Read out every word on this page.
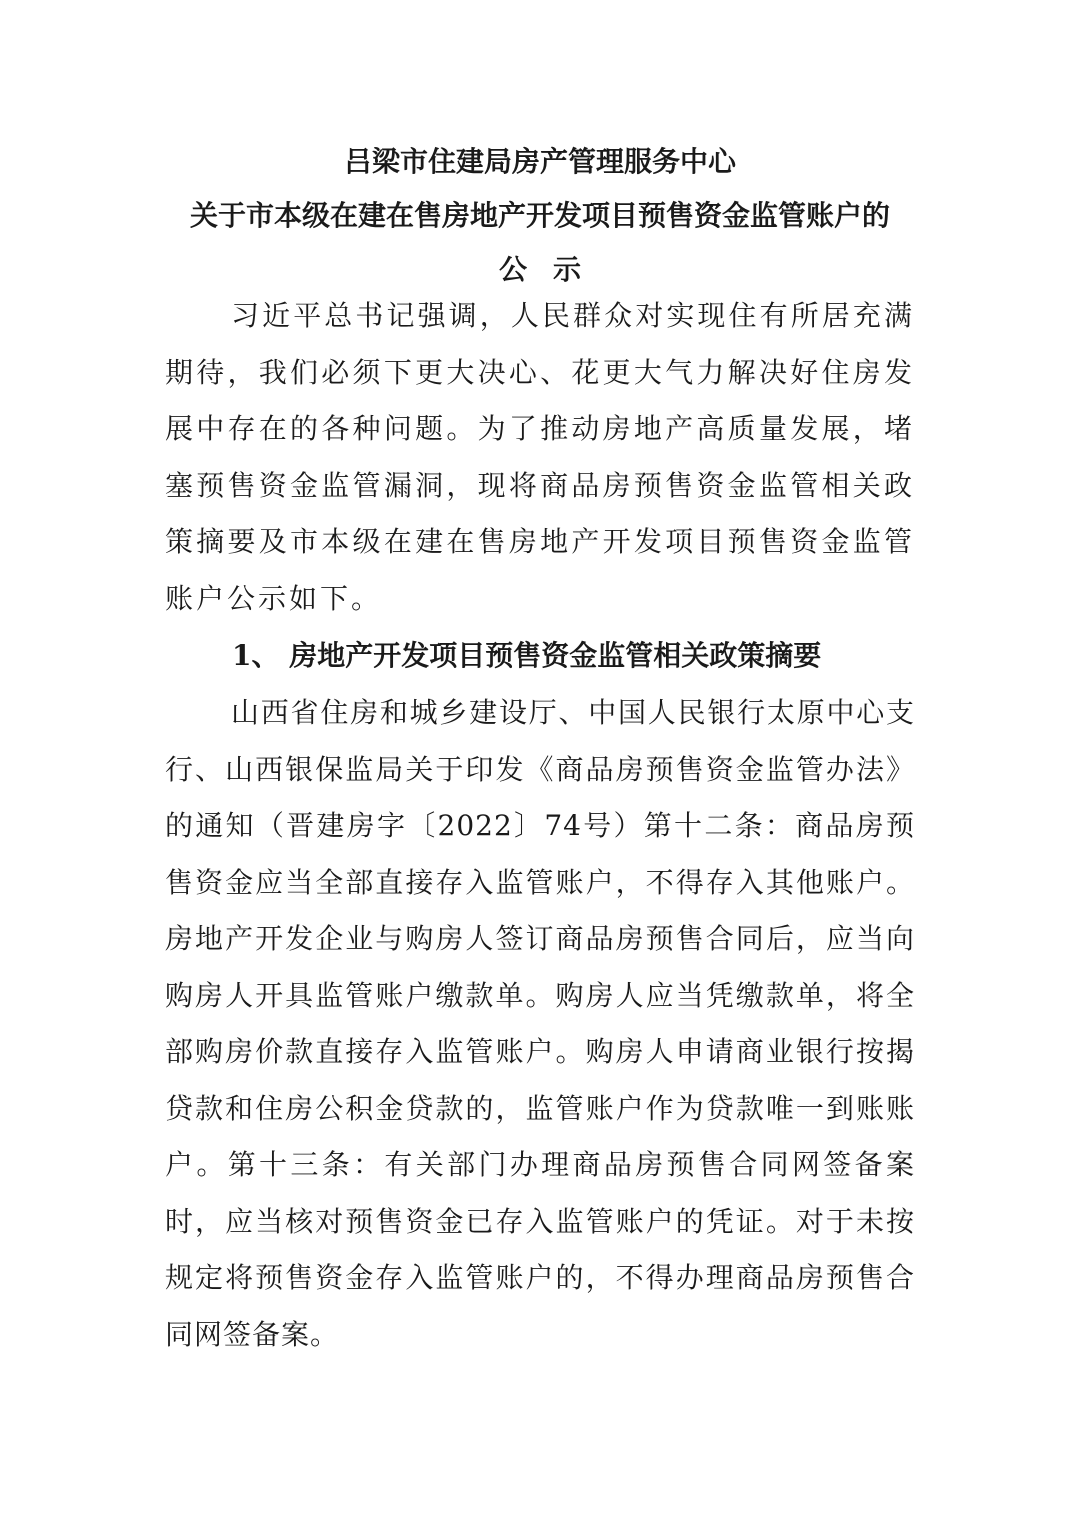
吕梁市住建局房产管理服务中心
关于市本级在建在售房地产开发项目预售资金监管账户的
公示

习近平总书记强调，人民群众对实现住有所居充满期待，我们必须下更大决心、花更大气力解决好住房发展中存在的各种问题。为了推动房地产高质量发展，堵塞预售资金监管漏洞，现将商品房预售资金监管相关政策摘要及市本级在建在售房地产开发项目预售资金监管账户公示如下。

1、 房地产开发项目预售资金监管相关政策摘要

山西省住房和城乡建设厅、中国人民银行太原中心支行、山西银保监局关于印发《商品房预售资金监管办法》的通知（晋建房字〔2022〕74号）第十二条：商品房预售资金应当全部直接存入监管账户，不得存入其他账户。房地产开发企业与购房人签订商品房预售合同后，应当向购房人开具监管账户缴款单。购房人应当凭缴款单，将全部购房价款直接存入监管账户。购房人申请商业银行按揭贷款和住房公积金贷款的，监管账户作为贷款唯一到账账户。第十三条：有关部门办理商品房预售合同网签备案时，应当核对预售资金已存入监管账户的凭证。对于未按规定将预售资金存入监管账户的，不得办理商品房预售合同网签备案。
